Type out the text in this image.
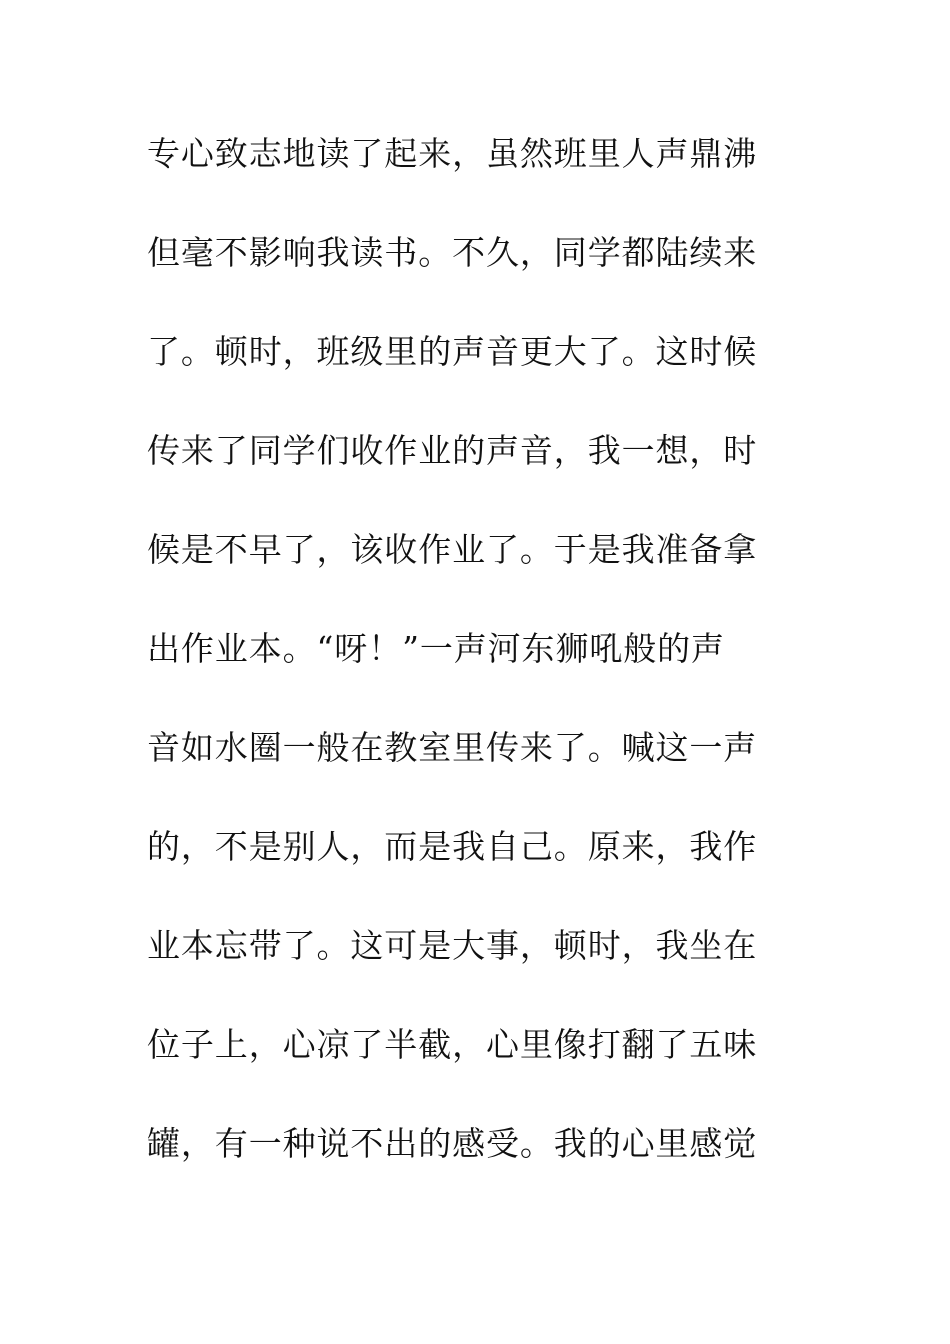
专心致志地读了起来，虽然班里人声鼎沸
但毫不影响我读书。不久，同学都陆续来
了。顿时，班级里的声音更大了。这时候
传来了同学们收作业的声音，我一想，时
候是不早了，该收作业了。于是我准备拿
出作业本。“呀！”一声河东狮吼般的声
音如水圈一般在教室里传来了。喊这一声
的，不是别人，而是我自己。原来，我作
业本忘带了。这可是大事，顿时，我坐在
位子上，心凉了半截，心里像打翻了五味
罐，有一种说不出的感受。我的心里感觉
